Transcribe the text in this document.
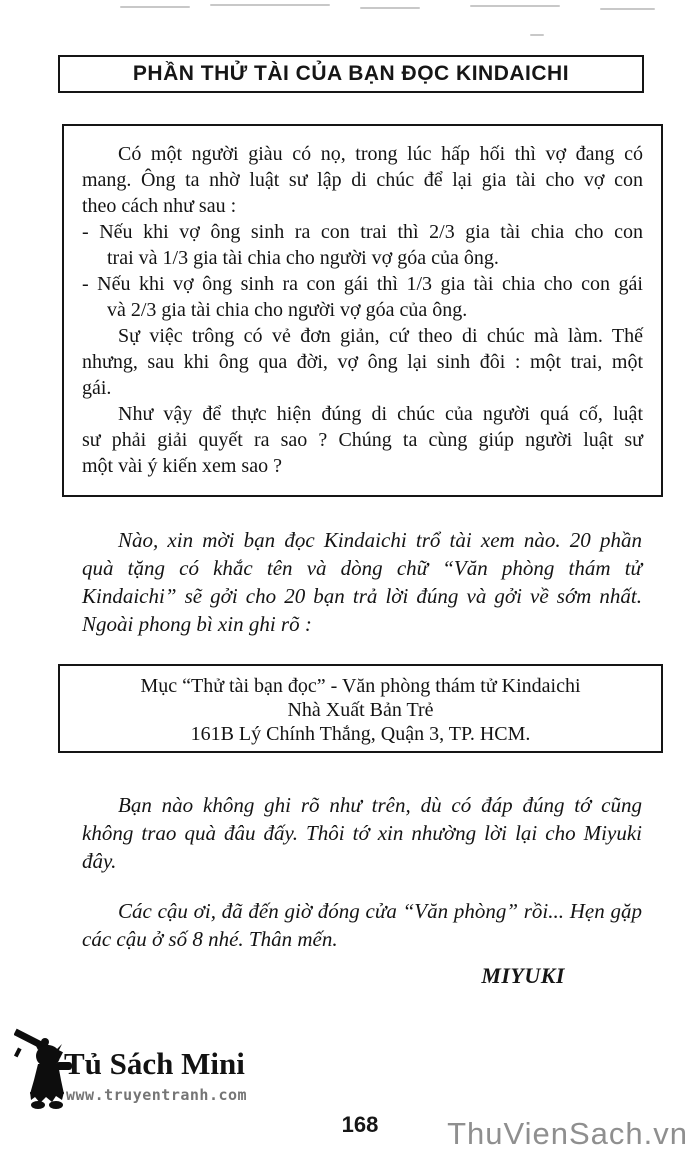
PHẦN THỬ TÀI CỦA BẠN ĐỌC KINDAICHI
Có một người giàu có nọ, trong lúc hấp hối thì vợ đang có
mang. Ông ta nhờ luật sư lập di chúc để lại gia tài cho vợ con
theo cách như sau :
- Nếu khi vợ ông sinh ra con trai thì 2/3 gia tài chia cho con
trai và 1/3 gia tài chia cho người vợ góa của ông.
- Nếu khi vợ ông sinh ra con gái thì 1/3 gia tài chia cho con gái
và 2/3 gia tài chia cho người vợ góa của ông.
Sự việc trông có vẻ đơn giản, cứ theo di chúc mà làm. Thế
nhưng, sau khi ông qua đời, vợ ông lại sinh đôi : một trai, một
gái.
Như vậy để thực hiện đúng di chúc của người quá cố, luật
sư phải giải quyết ra sao ? Chúng ta cùng giúp người luật sư
một vài ý kiến xem sao ?
Nào, xin mời bạn đọc Kindaichi trổ tài xem nào. 20 phần
quà tặng có khắc tên và dòng chữ “Văn phòng thám tử
Kindaichi” sẽ gởi cho 20 bạn trả lời đúng và gởi về sớm nhất.
Ngoài phong bì xin ghi rõ :
Mục “Thử tài bạn đọc” - Văn phòng thám tử Kindaichi
Nhà Xuất Bản Trẻ
161B Lý Chính Thắng, Quận 3, TP. HCM.
Bạn nào không ghi rõ như trên, dù có đáp đúng tớ cũng
không trao quà đâu đấy. Thôi tớ xin nhường lời lại cho Miyuki
đây.
Các cậu ơi, đã đến giờ đóng cửa “Văn phòng” rồi... Hẹn gặp
các cậu ở số 8 nhé. Thân mến.
MIYUKI
Tủ Sách Mini
www.truyentranh.com
168	ThuVienSach.vn
